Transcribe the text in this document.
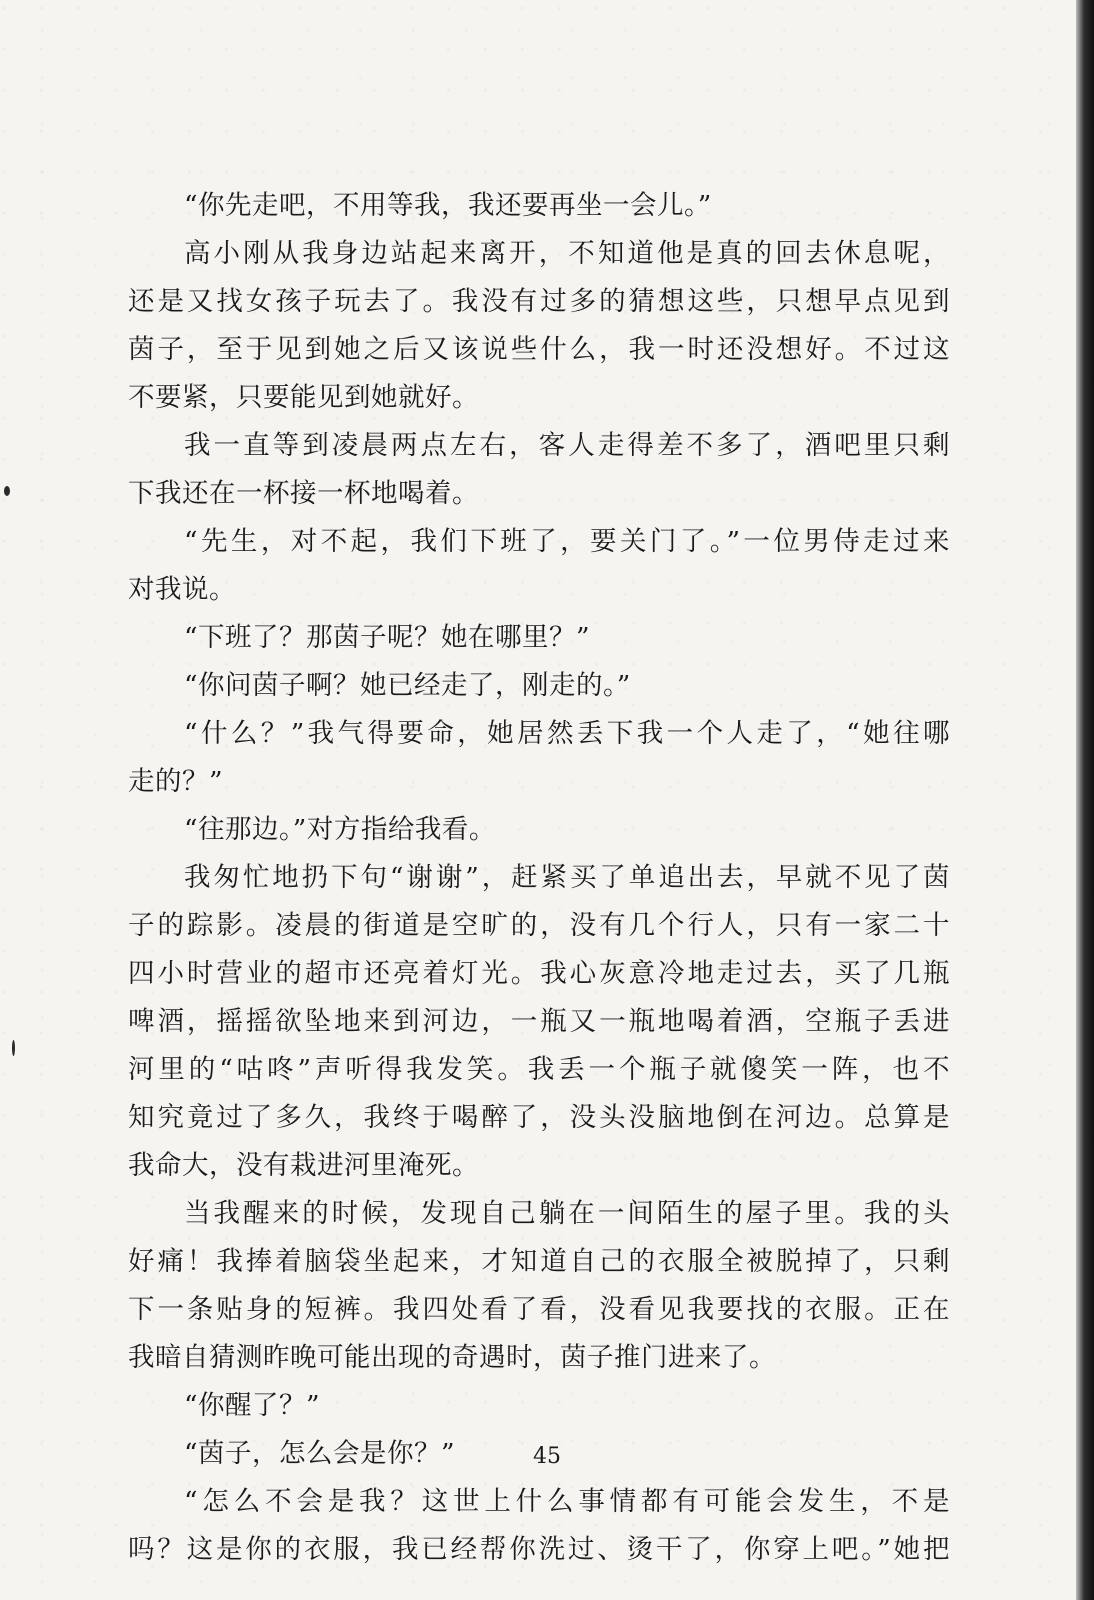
“你先走吧，不用等我，我还要再坐一会儿。”

高小刚从我身边站起来离开，不知道他是真的回去休息呢，
还是又找女孩子玩去了。我没有过多的猜想这些，只想早点见到
茵子，至于见到她之后又该说些什么，我一时还没想好。不过这
不要紧，只要能见到她就好。

我一直等到凌晨两点左右，客人走得差不多了，酒吧里只剩
下我还在一杯接一杯地喝着。

“先生，对不起，我们下班了，要关门了。”一位男侍走过来
对我说。

“下班了？那茵子呢？她在哪里？”

“你问茵子啊？她已经走了，刚走的。”

“什么？”我气得要命，她居然丢下我一个人走了，“她往哪
走的？”

“往那边。”对方指给我看。

我匆忙地扔下句“谢谢”，赶紧买了单追出去，早就不见了茵
子的踪影。凌晨的街道是空旷的，没有几个行人，只有一家二十
四小时营业的超市还亮着灯光。我心灰意冷地走过去，买了几瓶
啤酒，摇摇欲坠地来到河边，一瓶又一瓶地喝着酒，空瓶子丢进
河里的“咕咚”声听得我发笑。我丢一个瓶子就傻笑一阵，也不
知究竟过了多久，我终于喝醉了，没头没脑地倒在河边。总算是
我命大，没有栽进河里淹死。

当我醒来的时候，发现自己躺在一间陌生的屋子里。我的头
好痛！我捧着脑袋坐起来，才知道自己的衣服全被脱掉了，只剩
下一条贴身的短裤。我四处看了看，没看见我要找的衣服。正在
我暗自猜测昨晚可能出现的奇遇时，茵子推门进来了。

“你醒了？”

“茵子，怎么会是你？”

“怎么不会是我？这世上什么事情都有可能会发生，不是
吗？这是你的衣服，我已经帮你洗过、烫干了，你穿上吧。”她把

45
